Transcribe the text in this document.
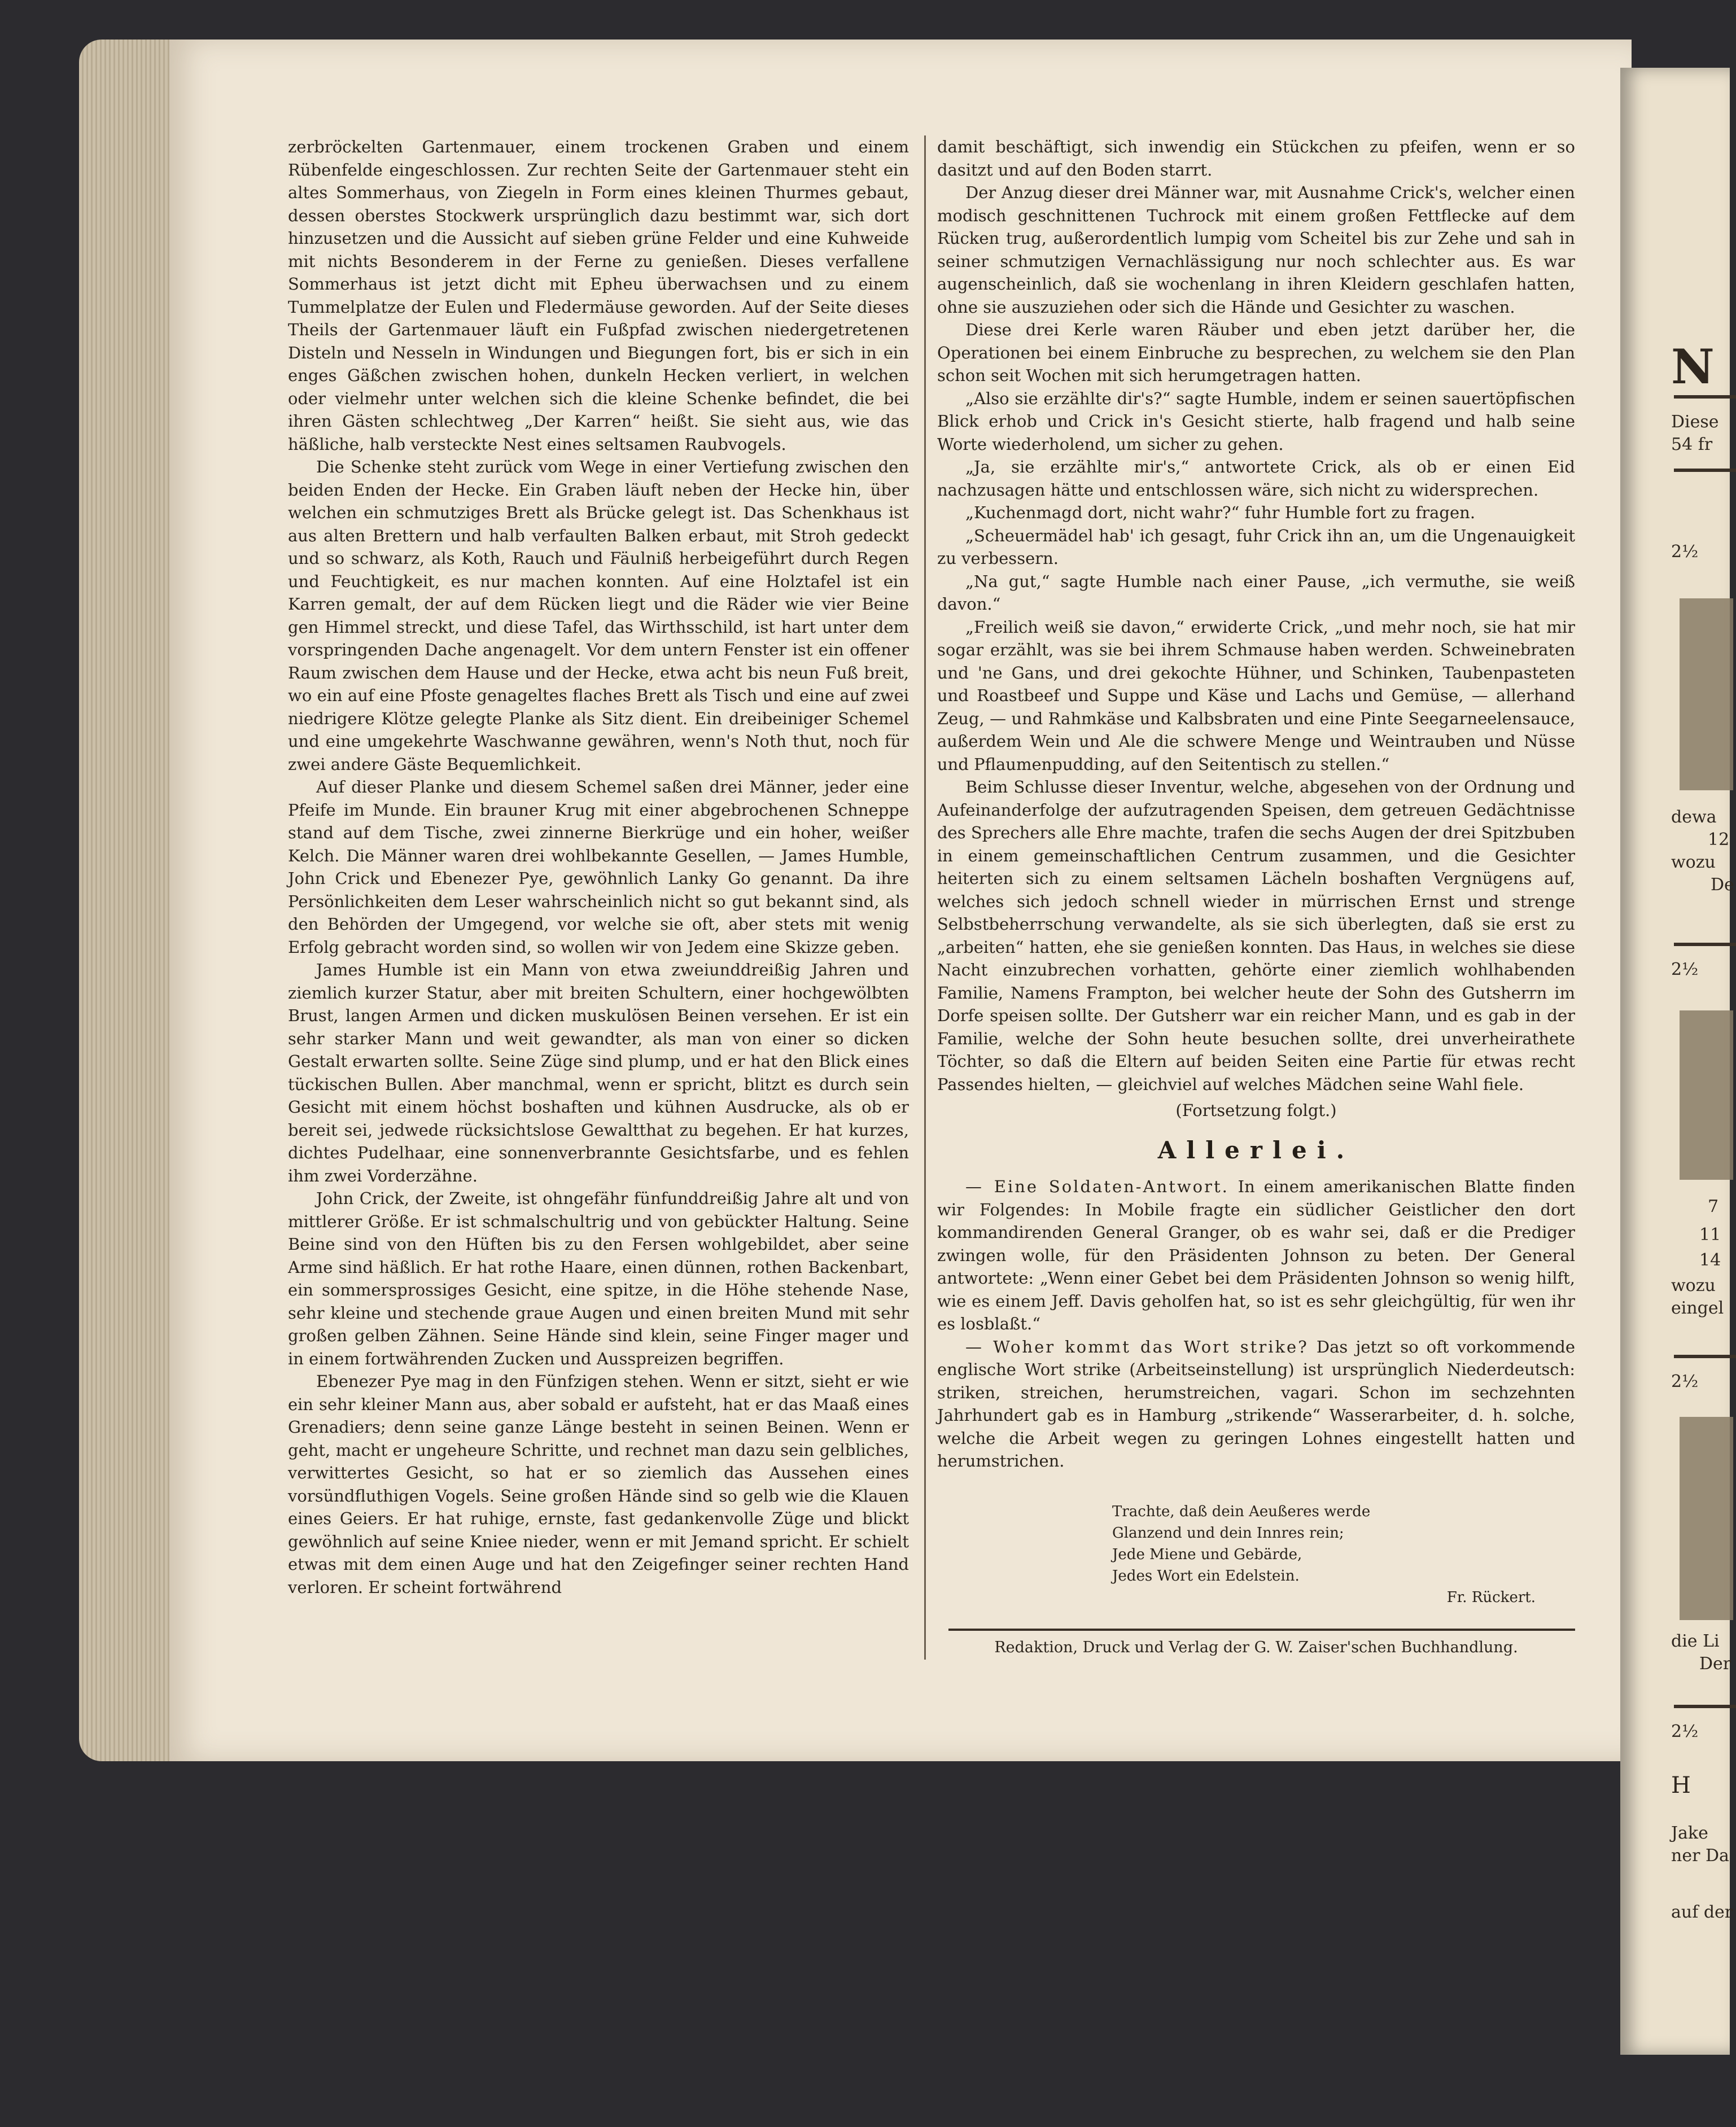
zerbröckelten Gartenmauer, einem trockenen Graben und einem Rübenfelde eingeschlossen. Zur rechten Seite der Gartenmauer steht ein altes Sommerhaus, von Ziegeln in Form eines kleinen Thurmes gebaut, dessen oberstes Stockwerk ursprünglich dazu bestimmt war, sich dort hinzusetzen und die Aussicht auf sieben grüne Felder und eine Kuhweide mit nichts Besonderem in der Ferne zu genießen. Dieses verfallene Sommerhaus ist jetzt dicht mit Epheu überwachsen und zu einem Tummelplatze der Eulen und Fledermäuse geworden. Auf der Seite dieses Theils der Gartenmauer läuft ein Fußpfad zwischen niedergetretenen Disteln und Nesseln in Windungen und Biegungen fort, bis er sich in ein enges Gäßchen zwischen hohen, dunkeln Hecken verliert, in welchen oder vielmehr unter welchen sich die kleine Schenke befindet, die bei ihren Gästen schlechtweg „Der Karren“ heißt. Sie sieht aus, wie das häßliche, halb versteckte Nest eines seltsamen Raubvogels.

Die Schenke steht zurück vom Wege in einer Vertiefung zwischen den beiden Enden der Hecke. Ein Graben läuft neben der Hecke hin, über welchen ein schmutziges Brett als Brücke gelegt ist. Das Schenkhaus ist aus alten Brettern und halb verfaulten Balken erbaut, mit Stroh gedeckt und so schwarz, als Koth, Rauch und Fäulniß herbeigeführt durch Regen und Feuchtigkeit, es nur machen konnten. Auf eine Holztafel ist ein Karren gemalt, der auf dem Rücken liegt und die Räder wie vier Beine gen Himmel streckt, und diese Tafel, das Wirthsschild, ist hart unter dem vorspringenden Dache angenagelt. Vor dem untern Fenster ist ein offener Raum zwischen dem Hause und der Hecke, etwa acht bis neun Fuß breit, wo ein auf eine Pfoste genageltes flaches Brett als Tisch und eine auf zwei niedrigere Klötze gelegte Planke als Sitz dient. Ein dreibeiniger Schemel und eine umgekehrte Waschwanne gewähren, wenn's Noth thut, noch für zwei andere Gäste Bequemlichkeit.

Auf dieser Planke und diesem Schemel saßen drei Männer, jeder eine Pfeife im Munde. Ein brauner Krug mit einer abgebrochenen Schneppe stand auf dem Tische, zwei zinnerne Bierkrüge und ein hoher, weißer Kelch. Die Männer waren drei wohlbekannte Gesellen, — James Humble, John Crick und Ebenezer Pye, gewöhnlich Lanky Go genannt. Da ihre Persönlichkeiten dem Leser wahrscheinlich nicht so gut bekannt sind, als den Behörden der Umgegend, vor welche sie oft, aber stets mit wenig Erfolg gebracht worden sind, so wollen wir von Jedem eine Skizze geben.

James Humble ist ein Mann von etwa zweiunddreißig Jahren und ziemlich kurzer Statur, aber mit breiten Schultern, einer hochgewölbten Brust, langen Armen und dicken muskulösen Beinen versehen. Er ist ein sehr starker Mann und weit gewandter, als man von einer so dicken Gestalt erwarten sollte. Seine Züge sind plump, und er hat den Blick eines tückischen Bullen. Aber manchmal, wenn er spricht, blitzt es durch sein Gesicht mit einem höchst boshaften und kühnen Ausdrucke, als ob er bereit sei, jedwede rücksichtslose Gewaltthat zu begehen. Er hat kurzes, dichtes Pudelhaar, eine sonnenverbrannte Gesichtsfarbe, und es fehlen ihm zwei Vorderzähne.

John Crick, der Zweite, ist ohngefähr fünfunddreißig Jahre alt und von mittlerer Größe. Er ist schmalschultrig und von gebückter Haltung. Seine Beine sind von den Hüften bis zu den Fersen wohlgebildet, aber seine Arme sind häßlich. Er hat rothe Haare, einen dünnen, rothen Backenbart, ein sommersprossiges Gesicht, eine spitze, in die Höhe stehende Nase, sehr kleine und stechende graue Augen und einen breiten Mund mit sehr großen gelben Zähnen. Seine Hände sind klein, seine Finger mager und in einem fortwährenden Zucken und Ausspreizen begriffen.

Ebenezer Pye mag in den Fünfzigen stehen. Wenn er sitzt, sieht er wie ein sehr kleiner Mann aus, aber sobald er aufsteht, hat er das Maaß eines Grenadiers; denn seine ganze Länge besteht in seinen Beinen. Wenn er geht, macht er ungeheure Schritte, und rechnet man dazu sein gelbliches, verwittertes Gesicht, so hat er so ziemlich das Aussehen eines vorsündfluthigen Vogels. Seine großen Hände sind so gelb wie die Klauen eines Geiers. Er hat ruhige, ernste, fast gedankenvolle Züge und blickt gewöhnlich auf seine Kniee nieder, wenn er mit Jemand spricht. Er schielt etwas mit dem einen Auge und hat den Zeigefinger seiner rechten Hand verloren. Er scheint fortwährend

damit beschäftigt, sich inwendig ein Stückchen zu pfeifen, wenn er so dasitzt und auf den Boden starrt.

Der Anzug dieser drei Männer war, mit Ausnahme Crick's, welcher einen modisch geschnittenen Tuchrock mit einem großen Fettflecke auf dem Rücken trug, außerordentlich lumpig vom Scheitel bis zur Zehe und sah in seiner schmutzigen Vernachlässigung nur noch schlechter aus. Es war augenscheinlich, daß sie wochenlang in ihren Kleidern geschlafen hatten, ohne sie auszuziehen oder sich die Hände und Gesichter zu waschen.

Diese drei Kerle waren Räuber und eben jetzt darüber her, die Operationen bei einem Einbruche zu besprechen, zu welchem sie den Plan schon seit Wochen mit sich herumgetragen hatten.

„Also sie erzählte dir's?“ sagte Humble, indem er seinen sauertöpfischen Blick erhob und Crick in's Gesicht stierte, halb fragend und halb seine Worte wiederholend, um sicher zu gehen.

„Ja, sie erzählte mir's,“ antwortete Crick, als ob er einen Eid nachzusagen hätte und entschlossen wäre, sich nicht zu widersprechen.

„Kuchenmagd dort, nicht wahr?“ fuhr Humble fort zu fragen.

„Scheuermädel hab' ich gesagt, fuhr Crick ihn an, um die Ungenauigkeit zu verbessern.

„Na gut,“ sagte Humble nach einer Pause, „ich vermuthe, sie weiß davon.“

„Freilich weiß sie davon,“ erwiderte Crick, „und mehr noch, sie hat mir sogar erzählt, was sie bei ihrem Schmause haben werden. Schweinebraten und 'ne Gans, und drei gekochte Hühner, und Schinken, Taubenpasteten und Roastbeef und Suppe und Käse und Lachs und Gemüse, — allerhand Zeug, — und Rahmkäse und Kalbsbraten und eine Pinte Seegarneelensauce, außerdem Wein und Ale die schwere Menge und Weintrauben und Nüsse und Pflaumenpudding, auf den Seitentisch zu stellen.“

Beim Schlusse dieser Inventur, welche, abgesehen von der Ordnung und Aufeinanderfolge der aufzutragenden Speisen, dem getreuen Gedächtnisse des Sprechers alle Ehre machte, trafen die sechs Augen der drei Spitzbuben in einem gemeinschaftlichen Centrum zusammen, und die Gesichter heiterten sich zu einem seltsamen Lächeln boshaften Vergnügens auf, welches sich jedoch schnell wieder in mürrischen Ernst und strenge Selbstbeherrschung verwandelte, als sie sich überlegten, daß sie erst zu „arbeiten“ hatten, ehe sie genießen konnten. Das Haus, in welches sie diese Nacht einzubrechen vorhatten, gehörte einer ziemlich wohlhabenden Familie, Namens Frampton, bei welcher heute der Sohn des Gutsherrn im Dorfe speisen sollte. Der Gutsherr war ein reicher Mann, und es gab in der Familie, welche der Sohn heute besuchen sollte, drei unverheirathete Töchter, so daß die Eltern auf beiden Seiten eine Partie für etwas recht Passendes hielten, — gleichviel auf welches Mädchen seine Wahl fiele.

(Fortsetzung folgt.)

Allerlei.

— Eine Soldaten-Antwort. In einem amerikanischen Blatte finden wir Folgendes: In Mobile fragte ein südlicher Geistlicher den dort kommandirenden General Granger, ob es wahr sei, daß er die Prediger zwingen wolle, für den Präsidenten Johnson zu beten. Der General antwortete: „Wenn einer Gebet bei dem Präsidenten Johnson so wenig hilft, wie es einem Jeff. Davis geholfen hat, so ist es sehr gleichgültig, für wen ihr es losblaßt.“

— Woher kommt das Wort strike? Das jetzt so oft vorkommende englische Wort strike (Arbeitseinstellung) ist ursprünglich Niederdeutsch: striken, streichen, herumstreichen, vagari. Schon im sechzehnten Jahrhundert gab es in Hamburg „strikende“ Wasserarbeiter, d. h. solche, welche die Arbeit wegen zu geringen Lohnes eingestellt hatten und herumstrichen.

Trachte, daß dein Aeußeres werde
Glanzend und dein Innres rein;
Jede Miene und Gebärde,
Jedes Wort ein Edelstein.
Fr. Rückert.

Redaktion, Druck und Verlag der G. W. Zaiser'schen Buchhandlung.

N
Diese
54 fr
2½
dewa
12
wozu
De
2½
7
11
14
wozu
eingel
2½
die Li
Der
2½
H
Jake
ner Da
auf der
